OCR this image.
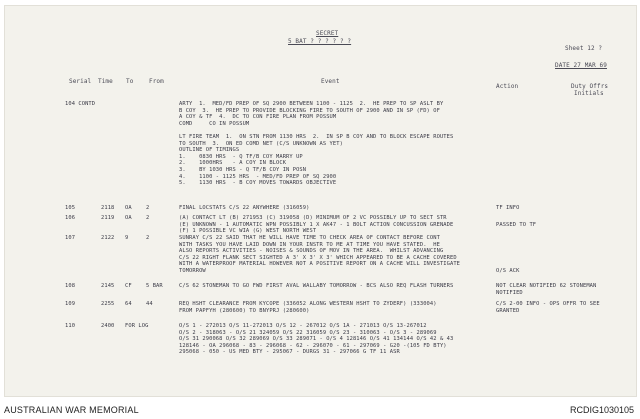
SECRET
5 BAT ? ? ? ? ? ?
Sheet 12 ?
DATE 27 MAR 69
Serial Time To	From	Event
Action	Duty Offrs
Initials
104 CONTD	ARTY  1.  MED/FD PREP OF SQ 2900 BETWEEN 1100 - 1125  2.  HE PREP TO SP ASLT BY
B COY  3.  HE PREP TO PROVIDE BLOCKING FIRE TO SOUTH OF 2900 AND IN SP (FD) OF
A COY & TF  4.  DC TO CON FIRE PLAN FROM POSSUM
COMD     CO IN POSSUM
LT FIRE TEAM  1.  ON STN FROM 1130 HRS  2.  IN SP B COY AND TO BLOCK ESCAPE ROUTES
TO SOUTH  3.  ON ED COMD NET (C/S UNKNOWN AS YET)
OUTLINE OF TIMINGS
1.    0830 HRS  - Q TF/B COY MARRY UP
2.    1000HRS   - A COY IN BLOCK
3.    BY 1030 HRS - Q TF/B COY IN POSN
4.    1100 - 1125 HRS  - MED/FD PREP OF SQ 2900
5.    1130 HRS  - B COY MOVES TOWARDS OBJECTIVE
105	2118 OA	2	FINAL LOCSTATS C/S 22 ANYWHERE (316059)	TF INFO
106	2119 OA	2	(A) CONTACT LT (B) 271953 (C) 319058 (D) MINIMUM OF 2 VC POSSIBLY UP TO SECT STR
(E) UNKNOWN - 1 AUTOMATIC WPN POSSIBLY 1 X AK47 - 1 BOLT ACTION CONCUSSION GRENADE
(F) 1 POSSIBLE VC WIA (G) WEST NORTH WEST
PASSED TO TF
107	2122 9	2	SUNRAY C/S 22 SAID THAT HE WILL HAVE TIME TO CHECK AREA OF CONTACT BEFORE CONT
WITH TASKS YOU HAVE LAID DOWN IN YOUR INSTR TO ME AT TIME YOU HAVE STATED.  HE
ALSO REPORTS ACTIVITIES - NOISES & SOUNDS OF MOV IN THE AREA.  WHILST ADVANCING
C/S 22 RIGHT FLANK SECT SIGHTED A 3' X 3' X 3' WHICH APPEARED TO BE A CACHE COVERED
WITH A WATERPROOF MATERIAL HOWEVER NOT A POSITIVE REPORT ON A CACHE WILL INVESTIGATE
TOMORROW	O/S ACK
108	2145 CF	5 BAR	C/S 62 STONEMAN TO GO FWD FIRST AVAL WALLABY TOMORROW - BCS ALSO REQ FLASH TURNERS	NOT CLEAR NOTIFIED 62 STONEMAN
NOTIFIED
109	2255 64	44	REQ HSHT CLEARANCE FROM KYCOPE (336052 ALONG WESTERN HSHT TO ZYDERF) (333004)
FROM PAPFYH (280600) TO BNYPRJ (280600)
C/S 2-00 INFO - OPS OFFR TO SEE
GRANTED
110	2400 FOR LOG	O/S 1 - 272013 O/S 11-272013 O/S 12 - 267012 O/S 1A - 271013 O/S 13-267012
O/S 2 - 318063 - O/S 21 324059 O/S 22 316059 O/S 23 - 310063 - O/S 3 - 289069
O/S 31 290068 O/S 32 289069 O/S 33 289071 - O/S 4 128146 O/S 41 134144 O/S 42 & 43
128146 - OA 296068 - 83 - 296068 - 62 - 296070 - 61 - 297069 - G20 -(105 FD BTY)
295068 - 050 - US MED BTY - 295067 - DURGS 31 - 297066 G TF 11 ASR
AUSTRALIAN WAR MEMORIAL	RCDIG1030105
